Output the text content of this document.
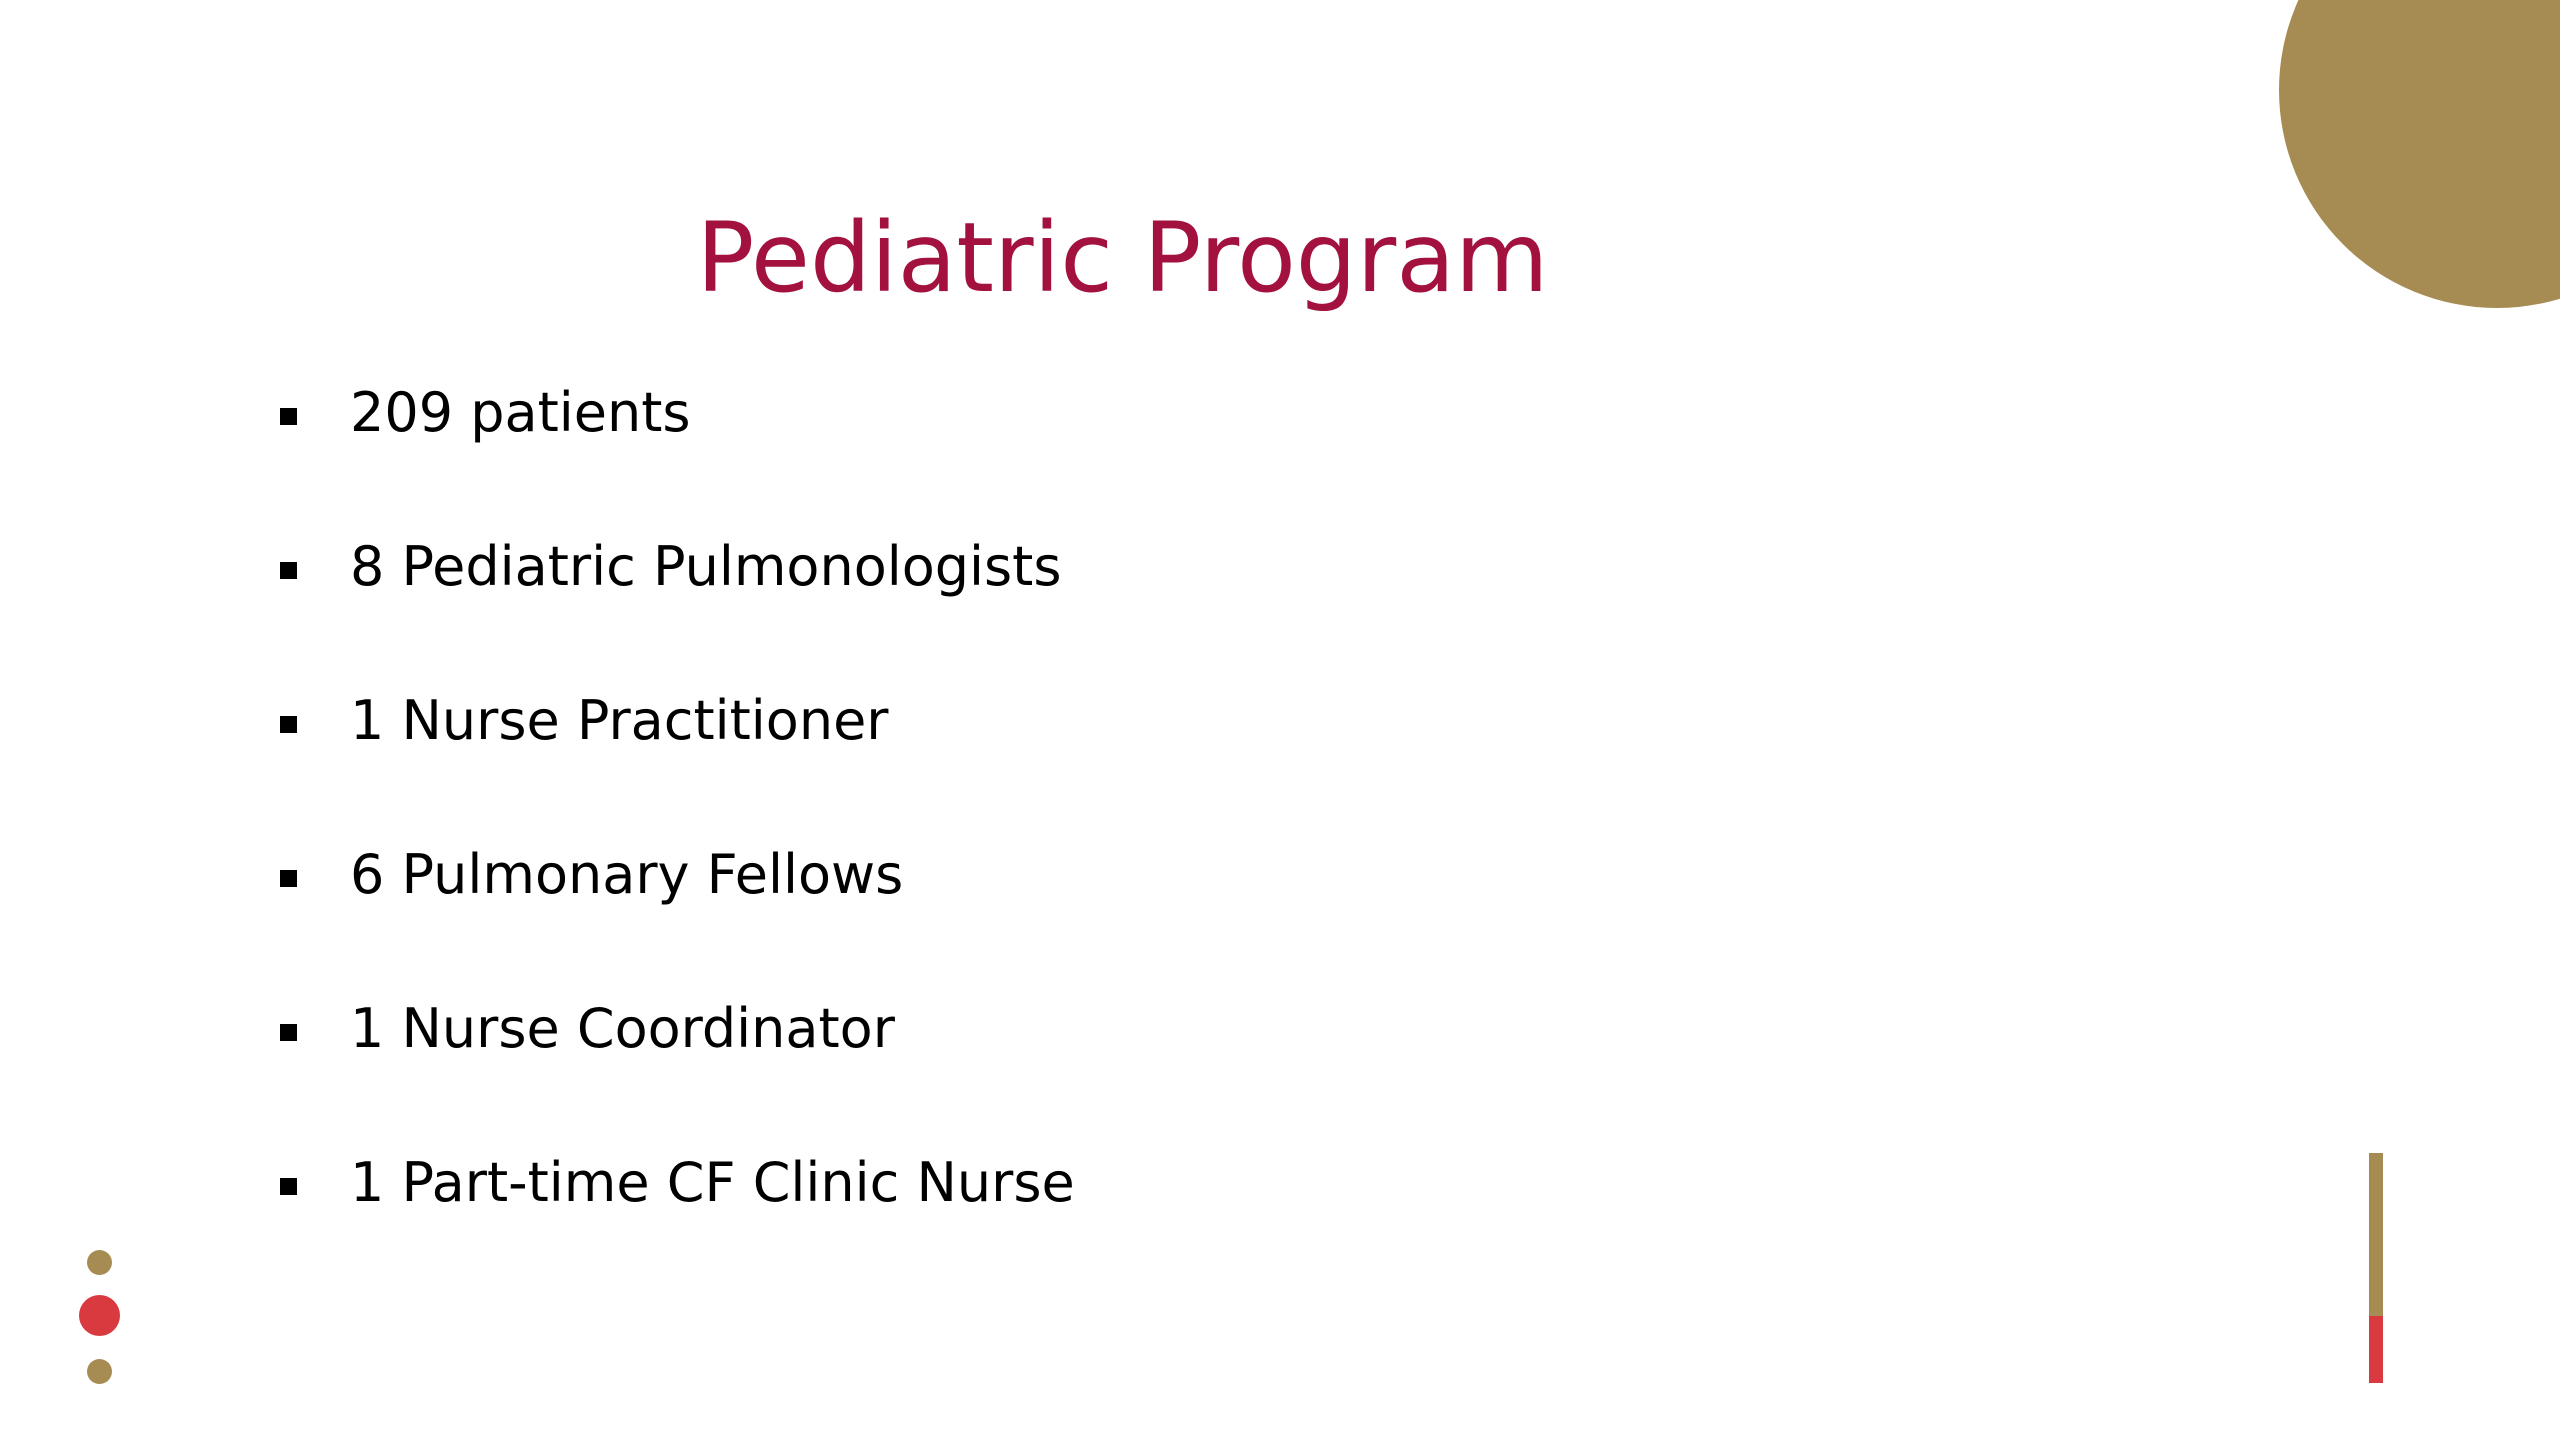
Pediatric Program
209 patients
8 Pediatric Pulmonologists
1 Nurse Practitioner
6 Pulmonary Fellows
1 Nurse Coordinator
1 Part-time CF Clinic Nurse
